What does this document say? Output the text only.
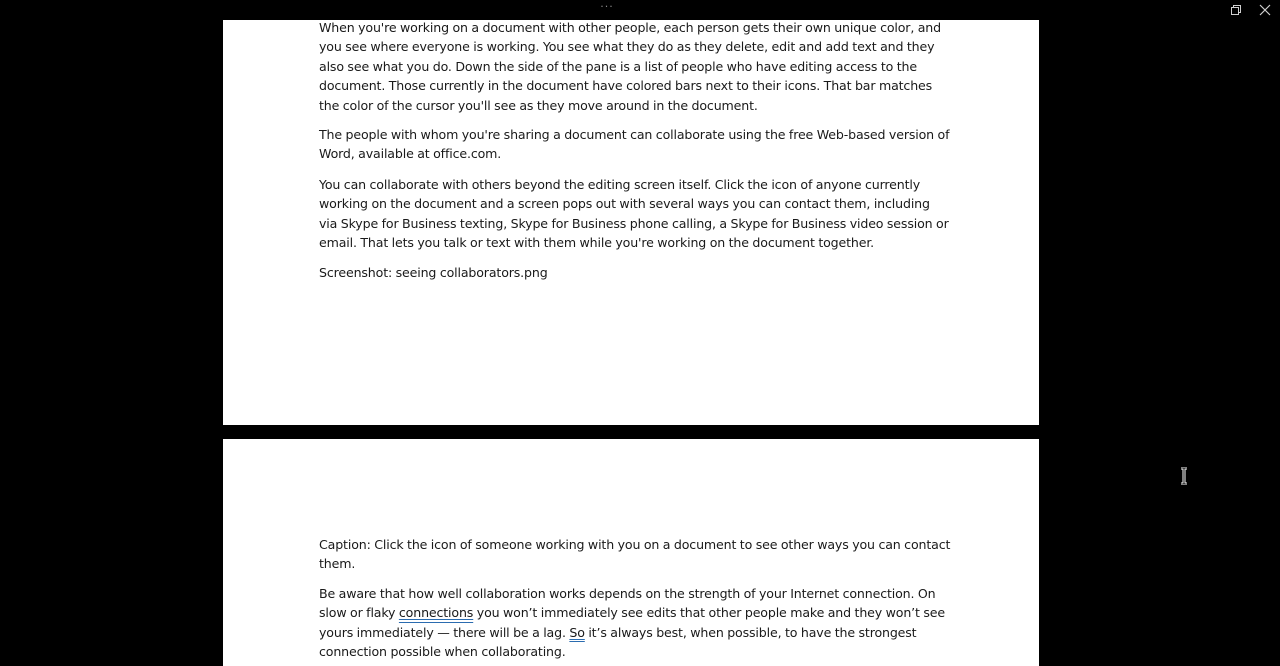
···

When you're working on a document with other people, each person gets their own unique color, and you see where everyone is working. You see what they do as they delete, edit and add text and they also see what you do. Down the side of the pane is a list of people who have editing access to the document. Those currently in the document have colored bars next to their icons. That bar matches the color of the cursor you'll see as they move around in the document.

The people with whom you're sharing a document can collaborate using the free Web-based version of Word, available at office.com.

You can collaborate with others beyond the editing screen itself. Click the icon of anyone currently working on the document and a screen pops out with several ways you can contact them, including via Skype for Business texting, Skype for Business phone calling, a Skype for Business video session or email. That lets you talk or text with them while you're working on the document together.

Screenshot: seeing collaborators.png

Caption: Click the icon of someone working with you on a document to see other ways you can contact them.

Be aware that how well collaboration works depends on the strength of your Internet connection. On slow or flaky connections you won’t immediately see edits that other people make and they won’t see yours immediately — there will be a lag. So it’s always best, when possible, to have the strongest connection possible when collaborating.
